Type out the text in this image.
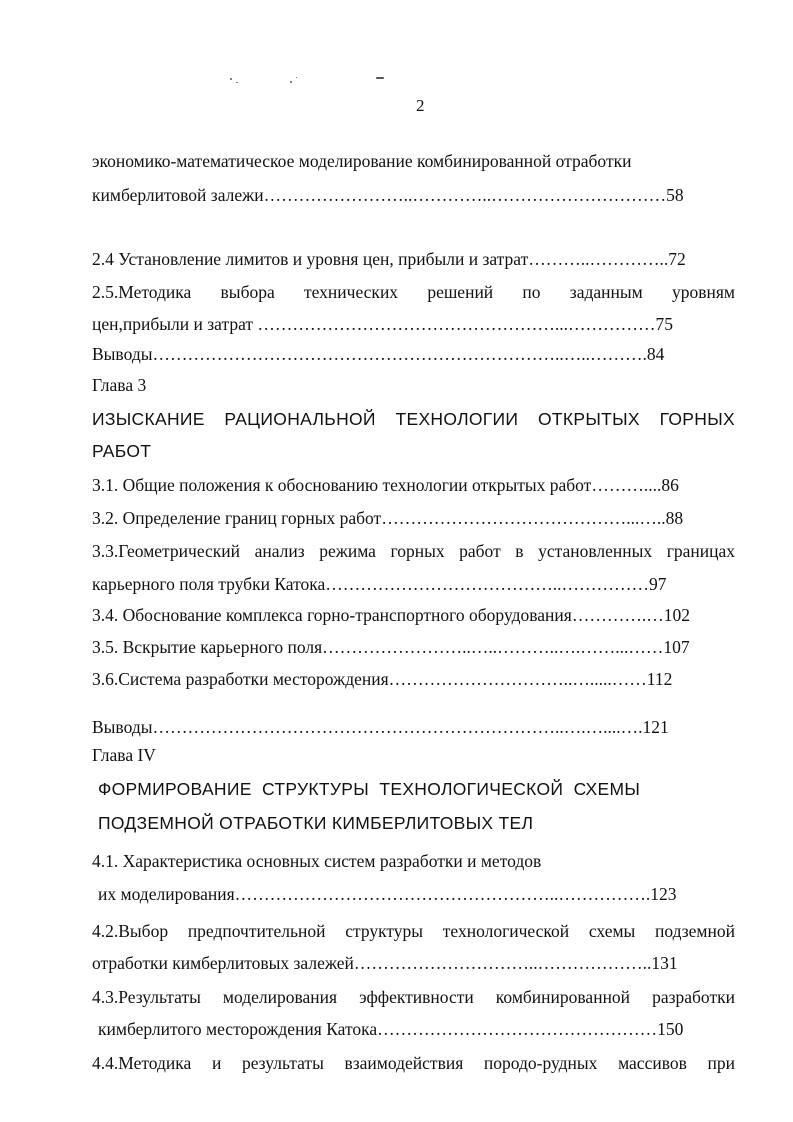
2
экономико-математическое моделирование комбинированной отработки
кимберлитовой залежи……………………..…………..…………………………58
2.4 Установление лимитов и уровня цен, прибыли и затрат………..…………..72
2.5.Методика выбора технических решений по заданным уровням
цен,прибыли и затрат ……………………………………………...……………75
Выводы……………………………………………………………..…..……….84
Глава 3
ИЗЫСКАНИЕ РАЦИОНАЛЬНОЙ ТЕХНОЛОГИИ ОТКРЫТЫХ ГОРНЫХ
РАБОТ
3.1. Общие положения к обоснованию технологии открытых работ………....86
3.2. Определение границ горных работ……………………………………...…..88
3.3.Геометрический анализ режима горных работ в установленных границах
карьерного поля трубки Катока…………………………………..……………97
3.4. Обоснование комплекса горно-транспортного оборудования………….…102
3.5. Вскрытие карьерного поля……………………..…..………..….……...……107
3.6.Система разработки месторождения…………………………..….....……112
Выводы……………………………………………………………..….…....….121
Глава IV
ФОРМИРОВАНИЕ  СТРУКТУРЫ  ТЕХНОЛОГИЧЕСКОЙ  СХЕМЫ
ПОДЗЕМНОЙ ОТРАБОТКИ КИМБЕРЛИТОВЫХ ТЕЛ
4.1. Характеристика основных систем разработки и методов
их моделирования………………………………………………..…………….123
4.2.Выбор предпочтительной структуры технологической схемы подземной
отработки кимберлитовых залежей…………………………..………………..131
4.3.Результаты моделирования эффективности комбинированной разработки
кимберлитого месторождения Катока…………………………………………150
4.4.Методика и результаты взаимодействия породо-рудных массивов при
